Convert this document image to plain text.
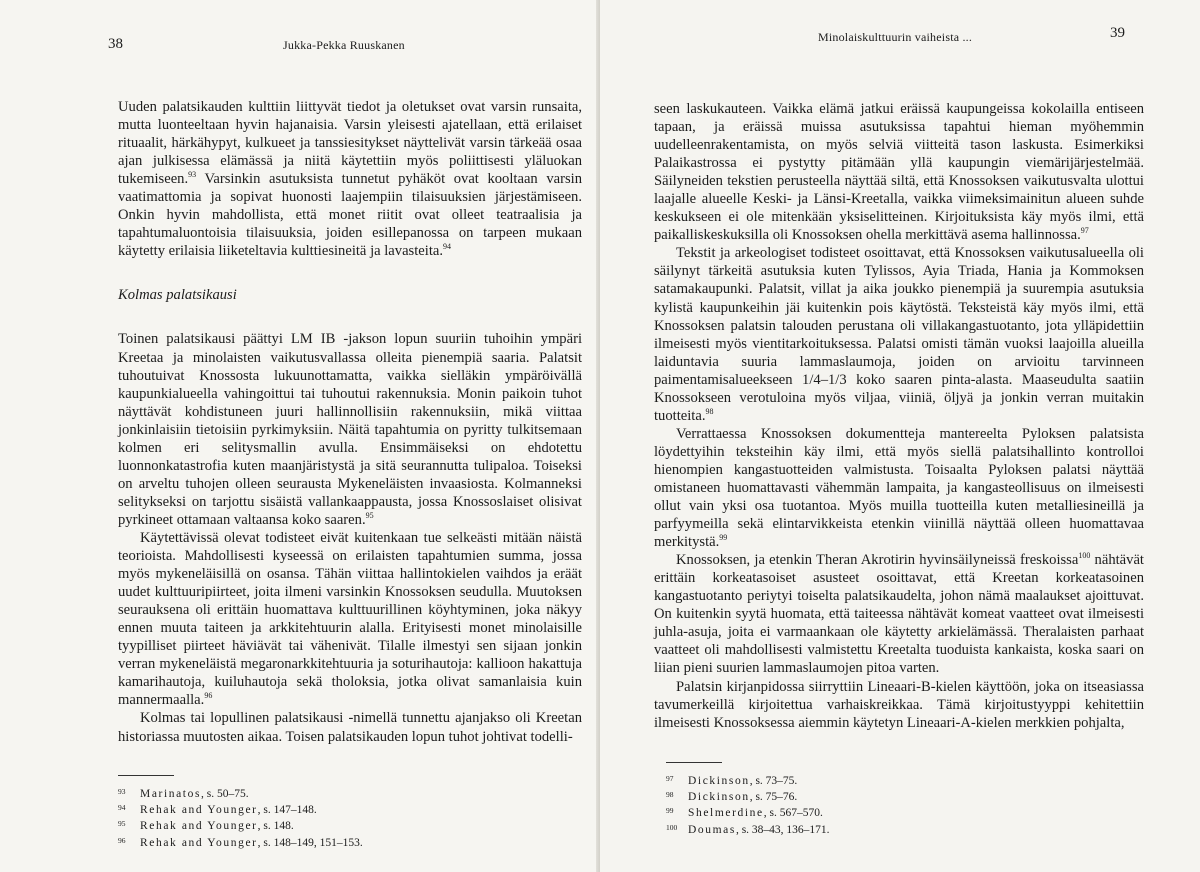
38	Jukka-Pekka Ruuskanen

Uuden palatsikauden kulttiin liittyvät tiedot ja oletukset ovat varsin runsaita, mutta luonteeltaan hyvin hajanaisia. Varsin yleisesti ajatellaan, että erilaiset rituaalit, härkähypyt, kulkueet ja tanssiesitykset näyttelivät varsin tärkeää osaa ajan julkisessa elämässä ja niitä käytettiin myös poliittisesti yläluokan tukemiseen.$^{93}$ Varsinkin asutuksista tunnetut pyhäköt ovat kooltaan varsin vaatimattomia ja sopivat huonosti laajempiin tilaisuuksien järjestämiseen. Onkin hyvin mahdollista, että monet riitit ovat olleet teatraalisia ja tapahtumaluontoisia tilaisuuksia, joiden esillepanossa on tarpeen mukaan käytetty erilaisia liiketeltavia kulttiesineitä ja lavasteita.$^{94}$

Kolmas palatsikausi

Toinen palatsikausi päättyi LM IB -jakson lopun suuriin tuhoihin ympäri Kreetaa ja minolaisten vaikutusvallassa olleita pienempiä saaria. Palatsit tuhoutuivat Knossosta lukuunottamatta, vaikka sielläkin ympäröivällä kaupunkialueella vahingoittui tai tuhoutui rakennuksia. Monin paikoin tuhot näyttävät kohdistuneen juuri hallinnollisiin rakennuksiin, mikä viittaa jonkinlaisiin tietoisiin pyrkimyksiin. Näitä tapahtumia on pyritty tulkitsemaan kolmen eri selitysmallin avulla. Ensimmäiseksi on ehdotettu luonnonkatastrofia kuten maanjäristystä ja sitä seurannutta tulipaloa. Toiseksi on arveltu tuhojen olleen seurausta Mykeneläisten invaasiosta. Kolmanneksi selitykseksi on tarjottu sisäistä vallankaappausta, jossa Knossoslaiset olisivat pyrkineet ottamaan valtaansa koko saaren.$^{95}$

Käytettävissä olevat todisteet eivät kuitenkaan tue selkeästi mitään näistä teorioista. Mahdollisesti kyseessä on erilaisten tapahtumien summa, jossa myös mykeneläisillä on osansa. Tähän viittaa hallintokielen vaihdos ja eräät uudet kulttuuripiirteet, joita ilmeni varsinkin Knossoksen seudulla. Muutoksen seurauksena oli erittäin huomattava kulttuurillinen köyhtyminen, joka näkyy ennen muuta taiteen ja arkkitehtuurin alalla. Erityisesti monet minolaisille tyypilliset piirteet häviävät tai vähenivät. Tilalle ilmestyi sen sijaan jonkin verran mykeneläistä megaronarkkitehtuuria ja soturihautoja: kallioon hakattuja kamarihautoja, kuiluhautoja sekä tholoksia, jotka olivat samanlaisia kuin mannermaalla.$^{96}$

Kolmas tai lopullinen palatsikausi -nimellä tunnettu ajanjakso oli Kreetan historiassa muutosten aikaa. Toisen palatsikauden lopun tuhot johtivat todelli-

93 Marinatos, s. 50–75.
94 Rehak and Younger, s. 147–148.
95 Rehak and Younger, s. 148.
96 Rehak and Younger, s. 148–149, 151–153.
Minolaiskulttuurin vaiheista ...	39

seen laskukauteen. Vaikka elämä jatkui eräissä kaupungeissa kokolailla entiseen tapaan, ja eräissä muissa asutuksissa tapahtui hieman myöhemmin uudelleenrakentamista, on myös selviä viitteitä tason laskusta. Esimerkiksi Palaikastrossa ei pystytty pitämään yllä kaupungin viemärijärjestelmää. Säilyneiden tekstien perusteella näyttää siltä, että Knossoksen vaikutusvalta ulottui laajalle alueelle Keski- ja Länsi-Kreetalla, vaikka viimeksimainitun alueen suhde keskukseen ei ole mitenkään yksiselitteinen. Kirjoituksista käy myös ilmi, että paikalliskeskuksilla oli Knossoksen ohella merkittävä asema hallinnossa.$^{97}$

Tekstit ja arkeologiset todisteet osoittavat, että Knossoksen vaikutusalueella oli säilynyt tärkeitä asutuksia kuten Tylissos, Ayia Triada, Hania ja Kommoksen satamakaupunki. Palatsit, villat ja aika joukko pienempiä ja suurempia asutuksia kylistä kaupunkeihin jäi kuitenkin pois käytöstä. Teksteistä käy myös ilmi, että Knossoksen palatsin talouden perustana oli villakangastuotanto, jota ylläpidettiin ilmeisesti myös vientitarkoituksessa. Palatsi omisti tämän vuoksi laajoilla alueilla laiduntavia suuria lammaslaumoja, joiden on arvioitu tarvinneen paimentamisalueekseen 1/4–1/3 koko saaren pinta-alasta. Maaseudulta saatiin Knossokseen verotuloina myös viljaa, viiniä, öljyä ja jonkin verran muitakin tuotteita.$^{98}$

Verrattaessa Knossoksen dokumentteja mantereelta Pyloksen palatsista löydettyihin teksteihin käy ilmi, että myös siellä palatsihallinto kontrolloi hienompien kangastuotteiden valmistusta. Toisaalta Pyloksen palatsi näyttää omistaneen huomattavasti vähemmän lampaita, ja kangasteollisuus on ilmeisesti ollut vain yksi osa tuotantoa. Myös muilla tuotteilla kuten metalliesineillä ja parfyymeilla sekä elintarvikkeista etenkin viinillä näyttää olleen huomattavaa merkitystä.$^{99}$

Knossoksen, ja etenkin Theran Akrotirin hyvinsäilyneissä freskoissa$^{100}$ nähtävät erittäin korkeatasoiset asusteet osoittavat, että Kreetan korkeatasoinen kangastuotanto periytyi toiselta palatsikaudelta, johon nämä maalaukset ajoittuvat. On kuitenkin syytä huomata, että taiteessa nähtävät komeat vaatteet ovat ilmeisesti juhla-asuja, joita ei varmaankaan ole käytetty arkielämässä. Theralaisten parhaat vaatteet oli mahdollisesti valmistettu Kreetalta tuoduista kankaista, koska saari on liian pieni suurien lammaslaumojen pitoa varten.

Palatsin kirjanpidossa siirryttiin Lineaari-B-kielen käyttöön, joka on itseasiassa tavumerkeillä kirjoitettua varhaiskreikkaa. Tämä kirjoitustyyppi kehitettiin ilmeisesti Knossoksessa aiemmin käytetyn Lineaari-A-kielen merkkien pohjalta,

97 Dickinson, s. 73–75.
98 Dickinson, s. 75–76.
99 Shelmerdine, s. 567–570.
100 Doumas, s. 38–43, 136–171.
